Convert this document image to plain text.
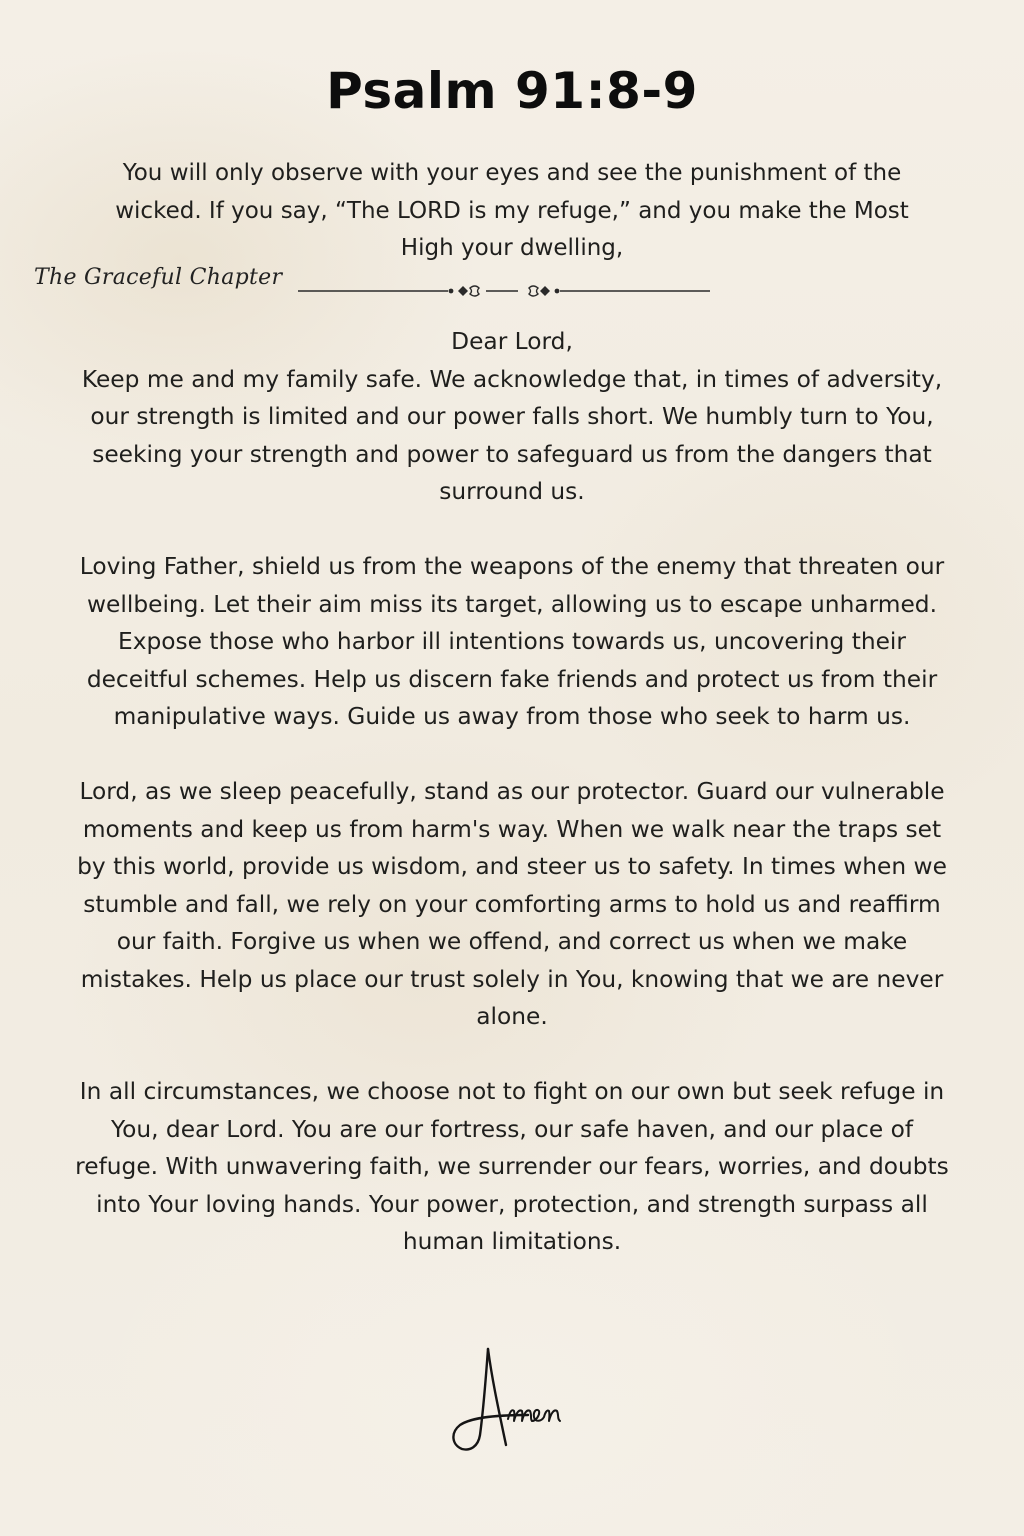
Psalm 91:8-9

You will only observe with your eyes and see the punishment of the wicked. If you say, “The LORD is my refuge,” and you make the Most High your dwelling,

The Graceful Chapter
Dear Lord,

Keep me and my family safe. We acknowledge that, in times of adversity, our strength is limited and our power falls short. We humbly turn to You, seeking your strength and power to safeguard us from the dangers that surround us.

Loving Father, shield us from the weapons of the enemy that threaten our wellbeing. Let their aim miss its target, allowing us to escape unharmed. Expose those who harbor ill intentions towards us, uncovering their deceitful schemes. Help us discern fake friends and protect us from their manipulative ways. Guide us away from those who seek to harm us.

Lord, as we sleep peacefully, stand as our protector. Guard our vulnerable moments and keep us from harm's way. When we walk near the traps set by this world, provide us wisdom, and steer us to safety. In times when we stumble and fall, we rely on your comforting arms to hold us and reaffirm our faith. Forgive us when we offend, and correct us when we make mistakes. Help us place our trust solely in You, knowing that we are never alone.

In all circumstances, we choose not to fight on our own but seek refuge in You, dear Lord. You are our fortress, our safe haven, and our place of refuge. With unwavering faith, we surrender our fears, worries, and doubts into Your loving hands. Your power, protection, and strength surpass all human limitations.
